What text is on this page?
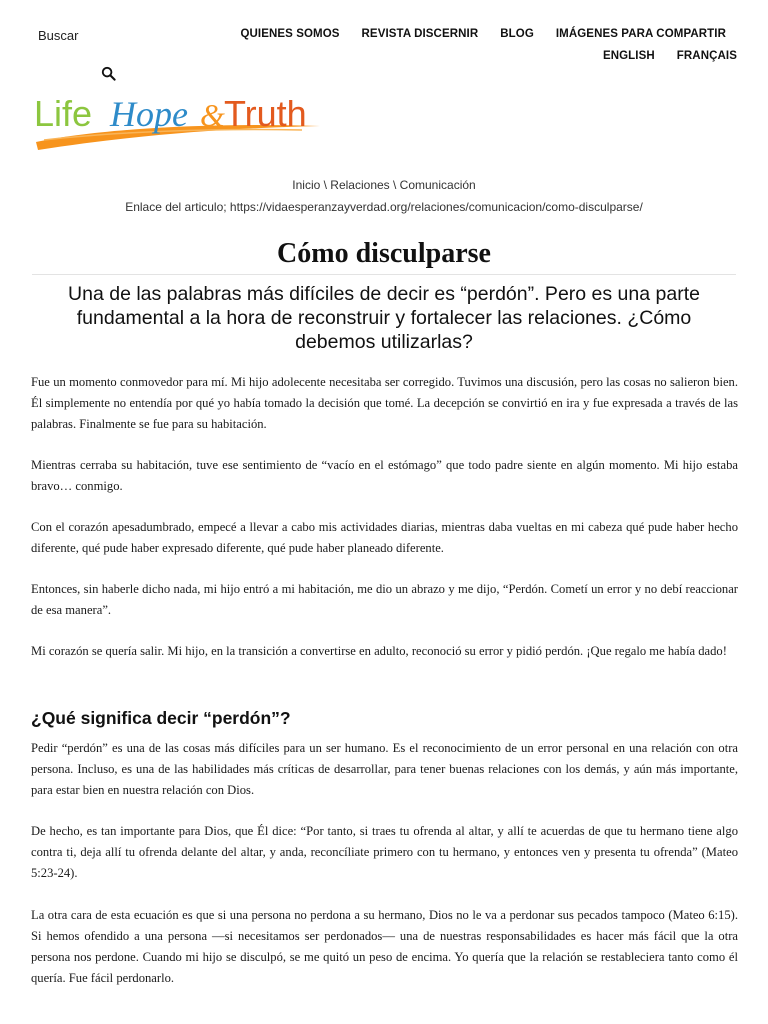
Buscar	QUIENES SOMOS REVISTA DISCERNIR BLOG IMÁGENES PARA COMPARTIR
ENGLISH FRANÇAIS
Life Hope & Truth
Inicio \ Relaciones \ Comunicación
Enlace del articulo; https://vidaesperanzayverdad.org/relaciones/comunicacion/como-disculparse/
Cómo disculparse

Una de las palabras más difíciles de decir es “perdón”. Pero es una parte fundamental a la hora de reconstruir y fortalecer las relaciones. ¿Cómo debemos utilizarlas?

Fue un momento conmovedor para mí. Mi hijo adolecente necesitaba ser corregido. Tuvimos una discusión, pero las cosas no salieron bien. Él simplemente no entendía por qué yo había tomado la decisión que tomé. La decepción se convirtió en ira y fue expresada a través de las palabras. Finalmente se fue para su habitación.

Mientras cerraba su habitación, tuve ese sentimiento de “vacío en el estómago” que todo padre siente en algún momento. Mi hijo estaba bravo… conmigo.

Con el corazón apesadumbrado, empecé a llevar a cabo mis actividades diarias, mientras daba vueltas en mi cabeza qué pude haber hecho diferente, qué pude haber expresado diferente, qué pude haber planeado diferente.

Entonces, sin haberle dicho nada, mi hijo entró a mi habitación, me dio un abrazo y me dijo, “Perdón. Cometí un error y no debí reaccionar de esa manera”.

Mi corazón se quería salir. Mi hijo, en la transición a convertirse en adulto, reconoció su error y pidió perdón. ¡Que regalo me había dado!

¿Qué significa decir “perdón”?

Pedir “perdón” es una de las cosas más difíciles para un ser humano. Es el reconocimiento de un error personal en una relación con otra persona. Incluso, es una de las habilidades más críticas de desarrollar, para tener buenas relaciones con los demás, y aún más importante, para estar bien en nuestra relación con Dios.

De hecho, es tan importante para Dios, que Él dice: “Por tanto, si traes tu ofrenda al altar, y allí te acuerdas de que tu hermano tiene algo contra ti, deja allí tu ofrenda delante del altar, y anda, reconcíliate primero con tu hermano, y entonces ven y presenta tu ofrenda” (Mateo 5:23-24).

La otra cara de esta ecuación es que si una persona no perdona a su hermano, Dios no le va a perdonar sus pecados tampoco (Mateo 6:15). Si hemos ofendido a una persona —si necesitamos ser perdonados— una de nuestras responsabilidades es hacer más fácil que la otra persona nos perdone. Cuando mi hijo se disculpó, se me quitó un peso de encima. Yo quería que la relación se restableciera tanto como él quería. Fue fácil perdonarlo.
